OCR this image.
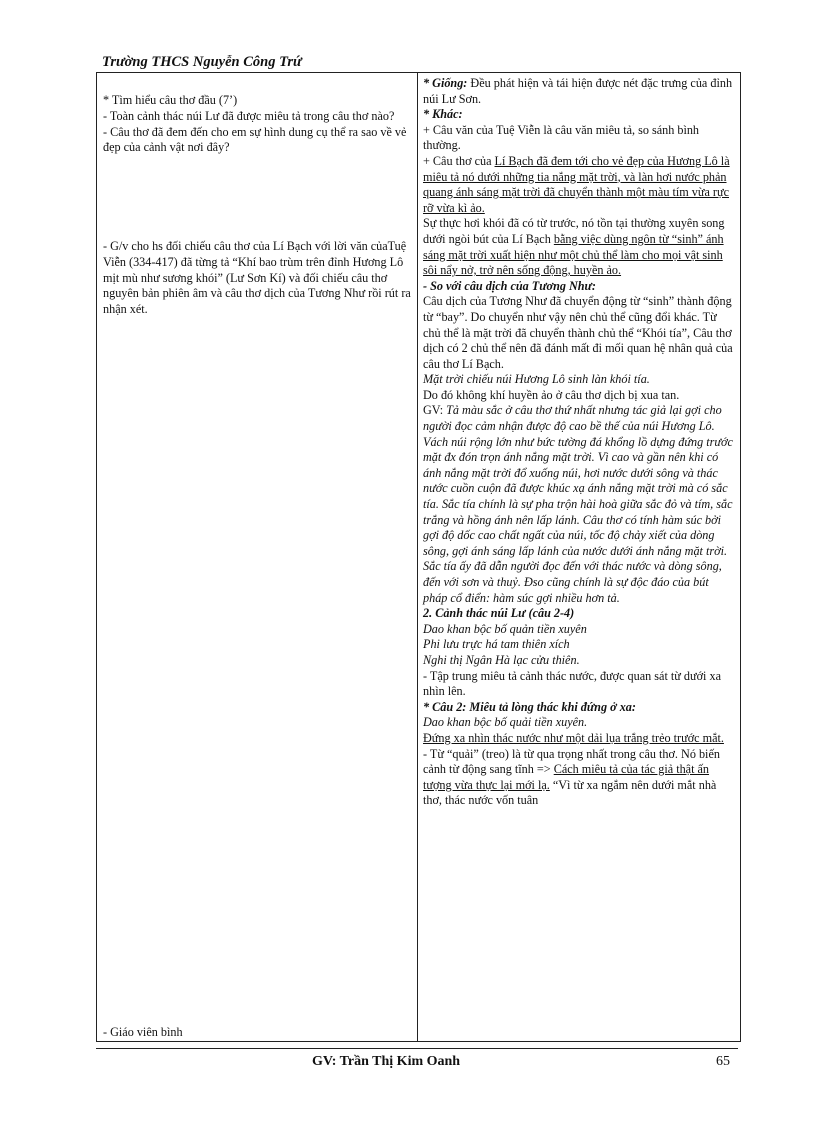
Trường THCS Nguyễn Công Trứ
* Tìm hiểu câu thơ đầu (7’)
- Toàn cảnh thác núi Lư đã được miêu tả trong câu thơ nào?
- Câu thơ đã đem đến cho em sự hình dung cụ thể ra sao về vẻ đẹp của cảnh vật nơi đây?
- G/v cho hs đối chiếu câu thơ của Lí Bạch với lời văn củaTuệ Viễn (334-417) đã từng tả “Khí bao trùm trên đỉnh Hương Lô mịt mù như sương khói” (Lư Sơn Kí) và đối chiếu câu thơ nguyên bản phiên âm và câu thơ dịch của Tương Như rồi rút ra nhận xét.
- Giáo viên bình

* Giống: Đều phát hiện và tái hiện được nét đặc trưng của đỉnh núi Lư Sơn.

* Khác:

+ Câu văn của Tuệ Viễn là câu văn miêu tả, so sánh bình thường.

+ Câu thơ của Lí Bạch đã đem tới cho vẻ đẹp của Hương Lô là miêu tả nó dưới những tia nắng mặt trời, và làn hơi nước phản quang ánh sáng mặt trời đã chuyển thành một màu tím vừa rực rỡ vừa kì ảo.

Sự thực hơi khói đã có từ trước, nó tồn tại thường xuyên song dưới ngòi bút của Lí Bạch bằng việc dùng ngôn từ “sinh” ánh sáng mặt trời xuất hiện như một chủ thể làm cho mọi vật sinh sôi nẩy nở, trở nên sống động, huyền ảo.

- So với câu dịch của Tương Như:

Câu dịch của Tương Như đã chuyển động từ “sinh” thành động từ “bay”. Do chuyển như vậy nên chủ thể cũng đổi khác. Từ chủ thể là mặt trời đã chuyển thành chủ thể “Khói tía”, Câu thơ dịch có 2 chủ thể nên đã đánh mất đi mối quan hệ nhân quả của câu thơ Lí Bạch.

Mặt trời chiếu núi Hương Lô sinh làn khói tía.

Do đó không khí huyền ảo ở câu thơ dịch bị xua tan.

GV: Tả màu sắc ở câu thơ thứ nhất nhưng tác giả lại gợi cho người đọc cảm nhận được độ cao bề thế của núi Hương Lô. Vách núi rộng lớn như bức tường đá khổng lồ dựng đứng trước mặt đx đón trọn ánh nắng mặt trời. Vì cao và gần nên khi có ánh nắng mặt trời đổ xuống núi, hơi nước dưới sông và thác nước cuồn cuộn đã được khúc xạ ánh nắng mặt trời mà có sắc tía. Sắc tía chính là sự pha trộn hài hoà giữa sắc đỏ và tím, sắc trắng và hồng ánh nên lấp lánh. Câu thơ có tính hàm súc bởi gợi độ dốc cao chất ngất của núi, tốc độ chảy xiết của dòng sông, gợi ánh sáng lấp lánh của nước dưới ánh nắng mặt trời.

Sắc tía ấy đã dẫn người đọc đến với thác nước và dòng sông, đến với sơn và thuỷ. Đso cũng chính là sự độc đáo của bút pháp cổ điển: hàm súc gợi nhiều hơn tả.

2. Cảnh thác núi Lư (câu 2-4)

Dao khan bộc bố quản tiền xuyên

Phi lưu trực há tam thiên xích

Nghi thị Ngân Hà lạc cửu thiên.

- Tập trung miêu tả cảnh thác nước, được quan sát từ dưới xa nhìn lên.

* Câu 2: Miêu tả lòng thác khi đứng ở xa:

Dao khan bộc bố quải tiền xuyên.

Đứng xa nhìn thác nước như một dải lụa trắng trẻo trước mắt.

- Từ “quải” (treo) là từ qua trọng nhất trong câu thơ. Nó biến cảnh từ động sang tĩnh => Cách miêu tả của tác giả thật ấn tượng vừa thực lại mới lạ. “Vì từ xa ngắm nên dưới mắt nhà thơ, thác nước vốn tuân

GV: Trần Thị Kim Oanh	65
